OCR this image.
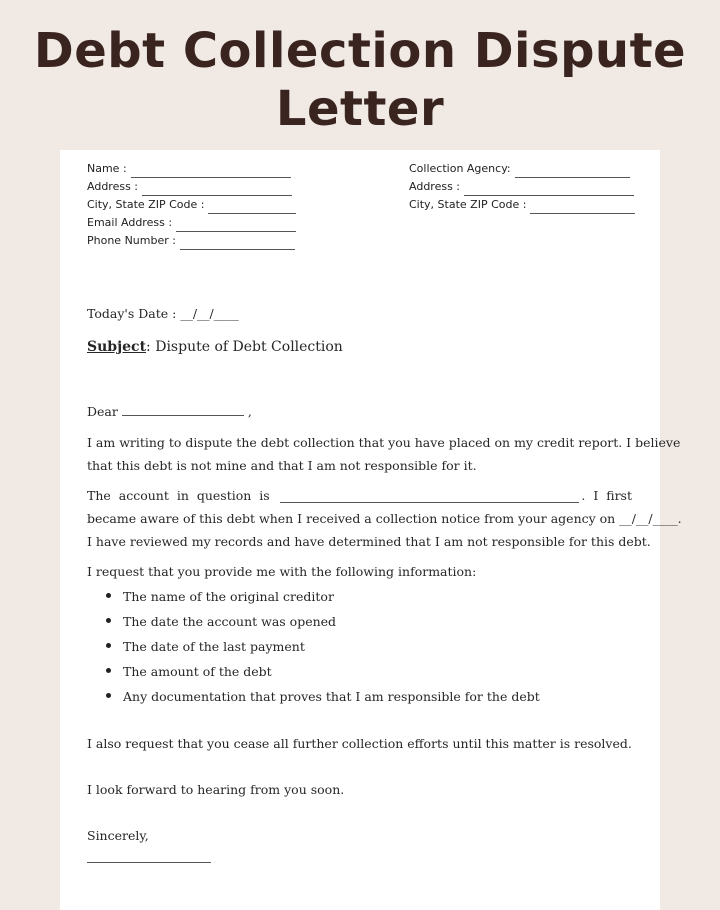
Debt Collection Dispute
Letter
Name :
Address :
City, State ZIP Code :
Email Address :
Phone Number :
Collection Agency:
Address :
City, State ZIP Code :
Today's Date : __/__/____
Subject: Dispute of Debt Collection
Dear	,
I am writing to dispute the debt collection that you have placed on my credit report. I believe
that this debt is not mine and that I am not responsible for it.
The account in question is	. I first
became aware of this debt when I received a collection notice from your agency on __/__/____.
I have reviewed my records and have determined that I am not responsible for this debt.
I request that you provide me with the following information:
The name of the original creditor
The date the account was opened
The date of the last payment
The amount of the debt
Any documentation that proves that I am responsible for the debt
I also request that you cease all further collection efforts until this matter is resolved.
I look forward to hearing from you soon.
Sincerely,
